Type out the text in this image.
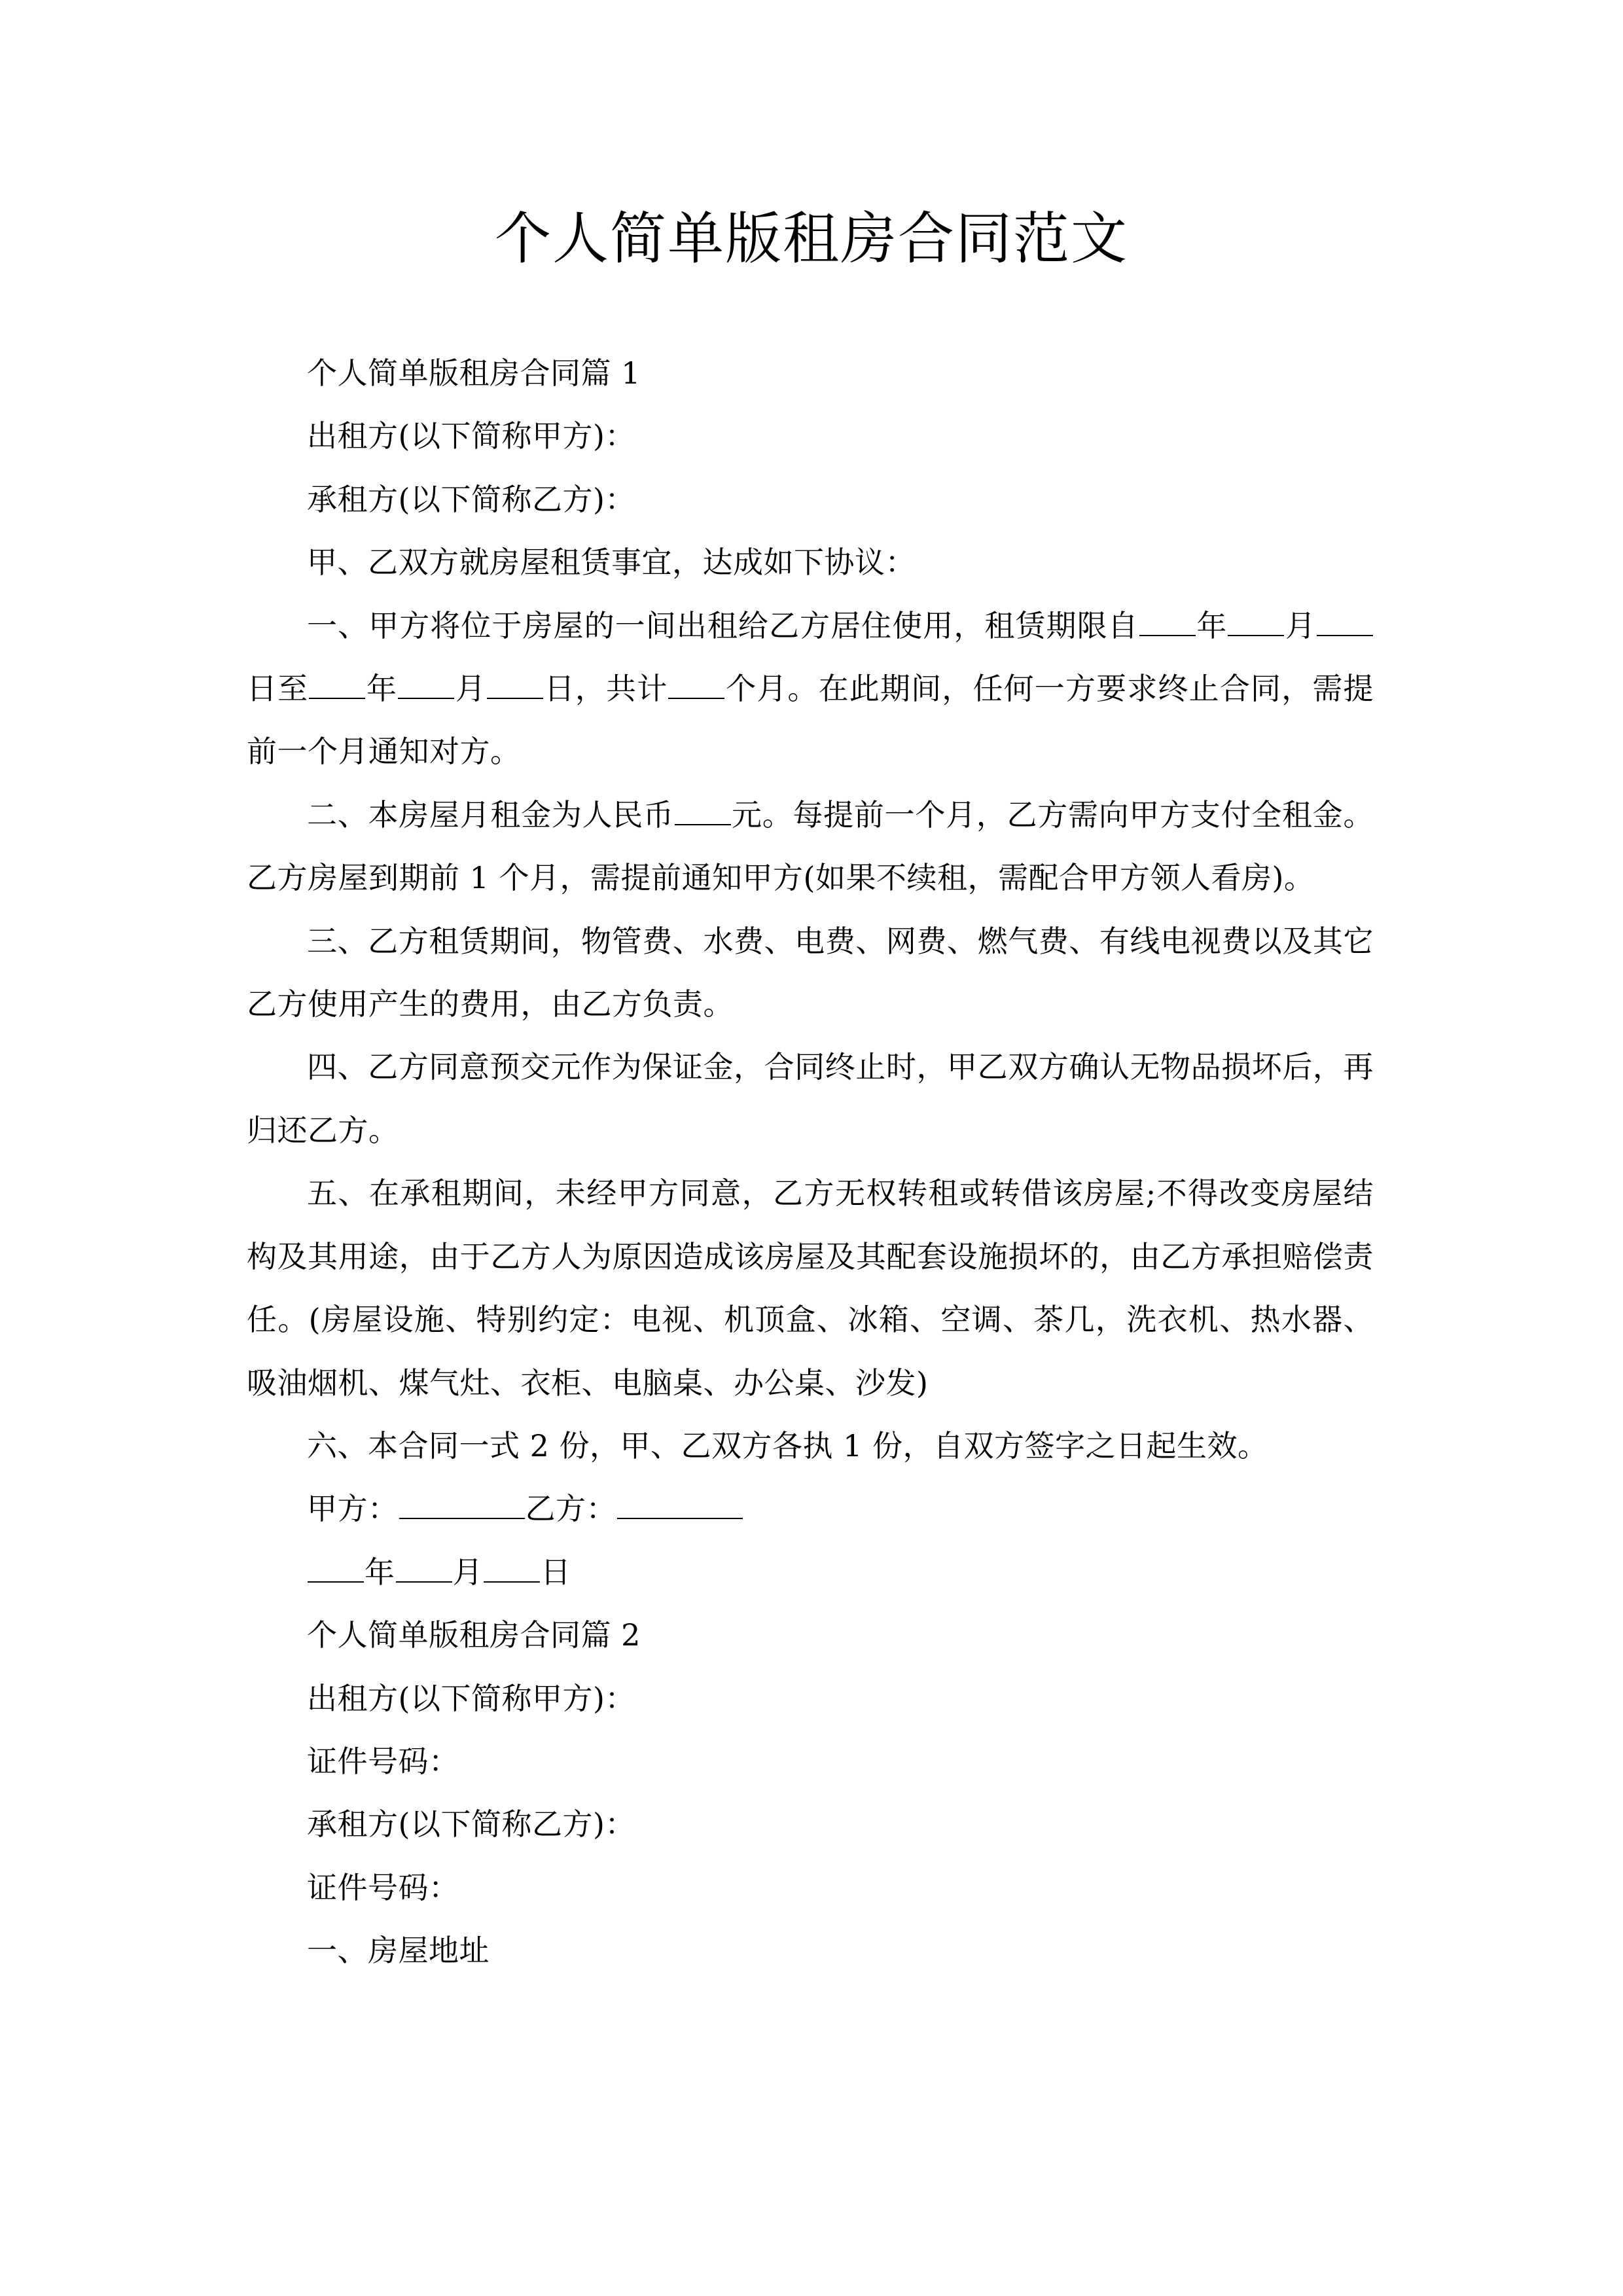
个人简单版租房合同范文

个人简单版租房合同篇 1

出租方(以下简称甲方)：

承租方(以下简称乙方)：

甲、乙双方就房屋租赁事宜，达成如下协议：

一、甲方将位于房屋的一间出租给乙方居住使用，租赁期限自 年 月日至 年 月 日，共计 个月。在此期间，任何一方要求终止合同，需提前一个月通知对方。

二、本房屋月租金为人民币 元。每提前一个月，乙方需向甲方支付全租金。乙方房屋到期前 1 个月，需提前通知甲方(如果不续租，需配合甲方领人看房)。

三、乙方租赁期间，物管费、水费、电费、网费、燃气费、有线电视费以及其它乙方使用产生的费用，由乙方负责。

四、乙方同意预交元作为保证金，合同终止时，甲乙双方确认无物品损坏后，再归还乙方。

五、在承租期间，未经甲方同意，乙方无权转租或转借该房屋;不得改变房屋结构及其用途，由于乙方人为原因造成该房屋及其配套设施损坏的，由乙方承担赔偿责任。(房屋设施、特别约定：电视、机顶盒、冰箱、空调、茶几，洗衣机、热水器、吸油烟机、煤气灶、衣柜、电脑桌、办公桌、沙发)

六、本合同一式 2 份，甲、乙双方各执 1 份，自双方签字之日起生效。

甲方：	乙方：

年 月 日

个人简单版租房合同篇 2

出租方(以下简称甲方)：

证件号码：

承租方(以下简称乙方)：

证件号码：

一、房屋地址
